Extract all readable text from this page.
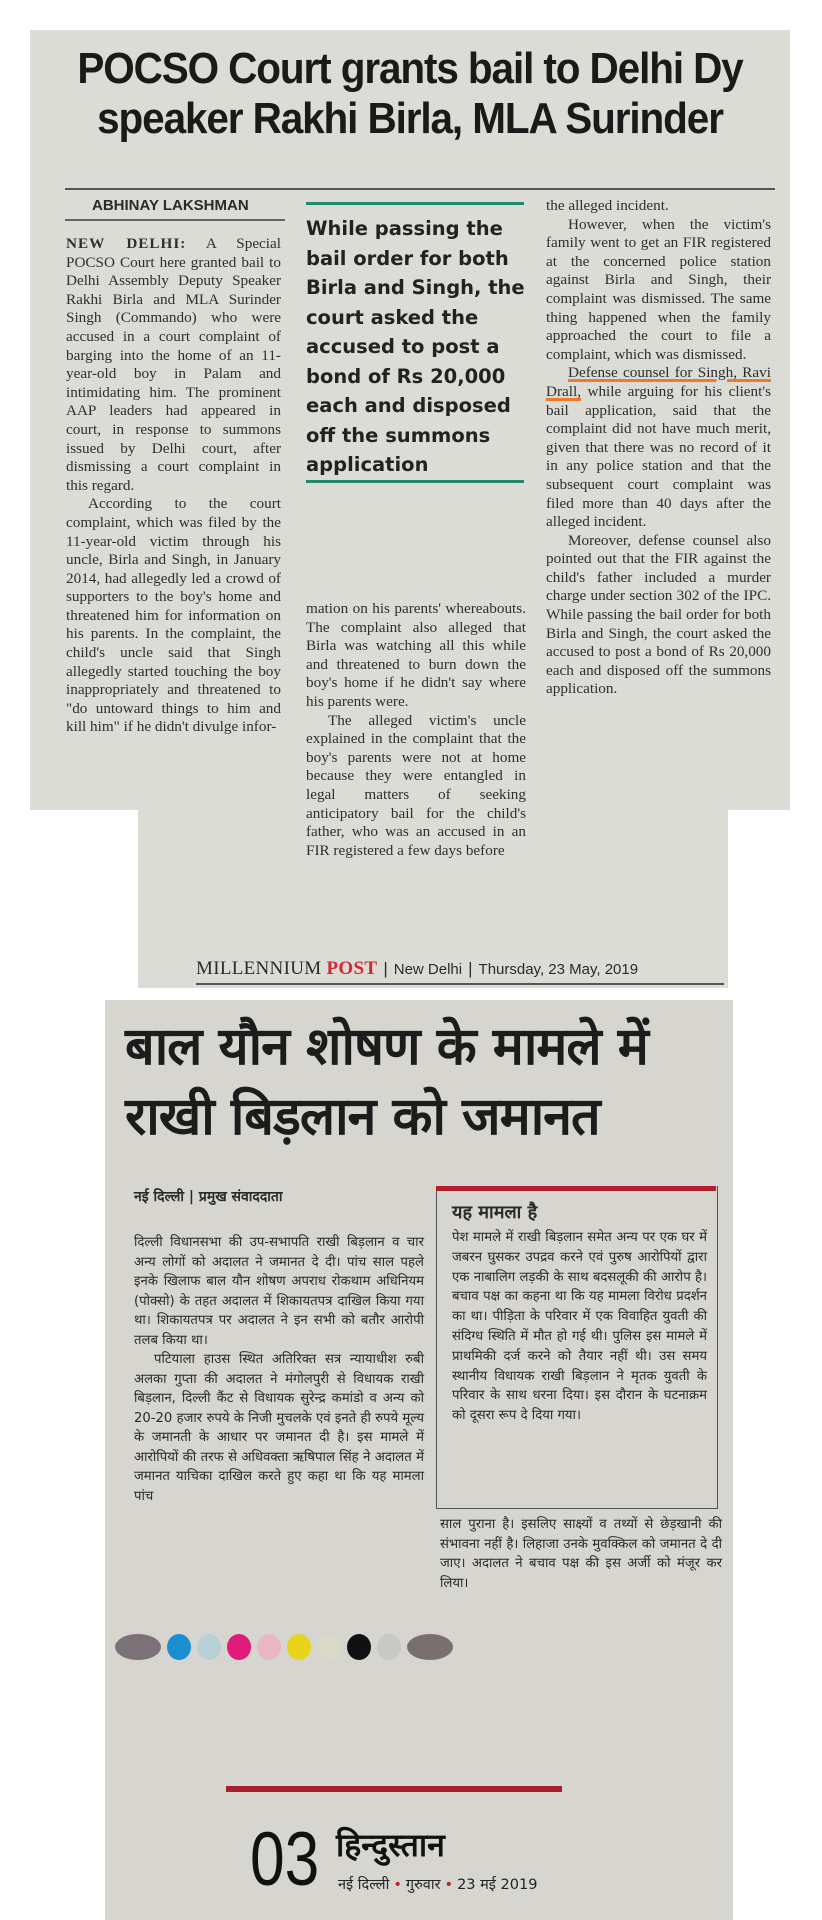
POCSO Court grants bail to Delhi Dy speaker Rakhi Birla, MLA Surinder
ABHINAY LAKSHMAN

NEW DELHI: A Special POCSO Court here granted bail to Delhi Assembly Deputy Speaker Rakhi Birla and MLA Surinder Singh (Commando) who were accused in a court complaint of barging into the home of an 11-year-old boy in Palam and intimidating him. The prominent AAP leaders had appeared in court, in response to summons issued by Delhi court, after dismissing a court complaint in this regard.

According to the court complaint, which was filed by the 11-year-old victim through his uncle, Birla and Singh, in January 2014, had allegedly led a crowd of supporters to the boy's home and threatened him for information on his parents. In the complaint, the child's uncle said that Singh allegedly started touching the boy inappropriately and threatened to "do untoward things to him and kill him" if he didn't divulge infor-

While passing the bail order for both Birla and Singh, the court asked the accused to post a bond of Rs 20,000 each and disposed off the summons application

mation on his parents' whereabouts. The complaint also alleged that Birla was watching all this while and threatened to burn down the boy's home if he didn't say where his parents were.

The alleged victim's uncle explained in the complaint that the boy's parents were not at home because they were entangled in legal matters of seeking anticipatory bail for the child's father, who was an accused in an FIR registered a few days before

the alleged incident.

However, when the victim's family went to get an FIR registered at the concerned police station against Birla and Singh, their complaint was dismissed. The same thing happened when the family approached the court to file a complaint, which was dismissed.

Defense counsel for Singh, Ravi Drall, while arguing for his client's bail application, said that the complaint did not have much merit, given that there was no record of it in any police station and that the subsequent court complaint was filed more than 40 days after the alleged incident.

Moreover, defense counsel also pointed out that the FIR against the child's father included a murder charge under section 302 of the IPC. While passing the bail order for both Birla and Singh, the court asked the accused to post a bond of Rs 20,000 each and disposed off the summons application.

MILLENNIUM POST | New Delhi | Thursday, 23 May, 2019
बाल यौन शोषण के मामले में
राखी बिड़लान को जमानत
नई दिल्ली | प्रमुख संवाददाता

दिल्ली विधानसभा की उप-सभापति राखी बिड़लान व चार अन्य लोगों को अदालत ने जमानत दे दी। पांच साल पहले इनके खिलाफ बाल यौन शोषण अपराध रोकथाम अधिनियम (पोक्सो) के तहत अदालत में शिकायतपत्र दाखिल किया गया था। शिकायतपत्र पर अदालत ने इन सभी को बतौर आरोपी तलब किया था।

पटियाला हाउस स्थित अतिरिक्त सत्र न्यायाधीश रुबी अलका गुप्ता की अदालत ने मंगोलपुरी से विधायक राखी बिड़लान, दिल्ली कैंट से विधायक सुरेन्द्र कमांडो व अन्य को 20-20 हजार रुपये के निजी मुचलके एवं इनते ही रुपये मूल्य के जमानती के आधार पर जमानत दी है। इस मामले में आरोपियों की तरफ से अधिवक्ता ऋषिपाल सिंह ने अदालत में जमानत याचिका दाखिल करते हुए कहा था कि यह मामला पांच

यह मामला है

पेश मामले में राखी बिड़लान समेत अन्य पर एक घर में जबरन घुसकर उपद्रव करने एवं पुरुष आरोपियों द्वारा एक नाबालिग लड़की के साथ बदसलूकी की आरोप है। बचाव पक्ष का कहना था कि यह मामला विरोध प्रदर्शन का था। पीड़िता के परिवार में एक विवाहित युवती की संदिग्ध स्थिति में मौत हो गई थी। पुलिस इस मामले में प्राथमिकी दर्ज करने को तैयार नहीं थी। उस समय स्थानीय विधायक राखी बिड़लान ने मृतक युवती के परिवार के साथ धरना दिया। इस दौरान के घटनाक्रम को दूसरा रूप दे दिया गया।

साल पुराना है। इसलिए साक्ष्यों व तथ्यों से छेड़खानी की संभावना नहीं है। लिहाजा उनके मुवक्किल को जमानत दे दी जाए। अदालत ने बचाव पक्ष की इस अर्जी को मंजूर कर लिया।

03 हिन्दुस्तान
नई दिल्ली • गुरुवार • 23 मई 2019
